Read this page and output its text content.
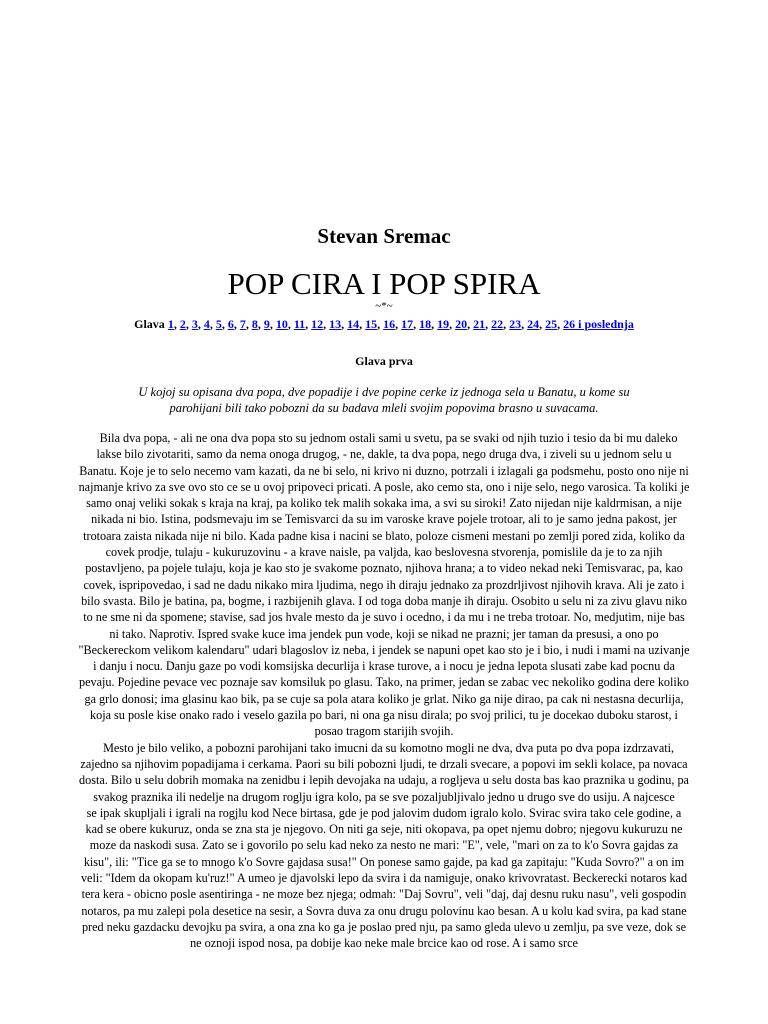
Stevan Sremac
POP CIRA I POP SPIRA
~*~
Glava 1, 2, 3, 4, 5, 6, 7, 8, 9, 10, 11, 12, 13, 14, 15, 16, 17, 18, 19, 20, 21, 22, 23, 24, 25, 26 i poslednja
Glava prva
U kojoj su opisana dva popa, dve popadije i dve popine cerke iz jednoga sela u Banatu, u kome su parohijani bili tako pobozni da su badava mleli svojim popovima brasno u suvacama.

Bila dva popa, - ali ne ona dva popa sto su jednom ostali sami u svetu, pa se svaki od njih tuzio i tesio da bi mu daleko lakse bilo zivotariti, samo da nema onoga drugog, - ne, dakle, ta dva popa, nego druga dva, i ziveli su u jednom selu u Banatu. Koje je to selo necemo vam kazati, da ne bi selo, ni krivo ni duzno, potrzali i izlagali ga podsmehu, posto ono nije ni najmanje krivo za sve ovo sto ce se u ovoj pripoveci pricati. A posle, ako cemo sta, ono i nije selo, nego varosica. Ta koliki je samo onaj veliki sokak s kraja na kraj, pa koliko tek malih sokaka ima, a svi su siroki! Zato nijedan nije kaldrmisan, a nije nikada ni bio. Istina, podsmevaju im se Temisvarci da su im varoske krave pojele trotoar, ali to je samo jedna pakost, jer trotoara zaista nikada nije ni bilo. Kada padne kisa i nacini se blato, poloze cismeni mestani po zemlji pored zida, koliko da covek prodje, tulaju - kukuruzovinu - a krave naisle, pa valjda, kao beslovesna stvorenja, pomislile da je to za njih postavljeno, pa pojele tulaju, koja je kao sto je svakome poznato, njihova hrana; a to video nekad neki Temisvarac, pa, kao covek, ispripovedao, i sad ne dadu nikako mira ljudima, nego ih diraju jednako za prozdrljivost njihovih krava. Ali je zato i bilo svasta. Bilo je batina, pa, bogme, i razbijenih glava. I od toga doba manje ih diraju. Osobito u selu ni za zivu glavu niko to ne sme ni da spomene; stavise, sad jos hvale mesto da je suvo i ocedno, i da mu i ne treba trotoar. No, medjutim, nije bas ni tako. Naprotiv. Ispred svake kuce ima jendek pun vode, koji se nikad ne prazni; jer taman da presusi, a ono po "Beckereckom velikom kalendaru" udari blagoslov iz neba, i jendek se napuni opet kao sto je i bio, i nudi i mami na uzivanje i danju i nocu. Danju gaze po vodi komsijska decurlija i krase turove, a i nocu je jedna lepota slusati zabe kad pocnu da pevaju. Pojedine pevace vec poznaje sav komsiluk po glasu. Tako, na primer, jedan se zabac vec nekoliko godina dere koliko ga grlo donosi; ima glasinu kao bik, pa se cuje sa pola atara koliko je grlat. Niko ga nije dirao, pa cak ni nestasna decurlija, koja su posle kise onako rado i veselo gazila po bari, ni ona ga nisu dirala; po svoj prilici, tu je docekao duboku starost, i posao tragom starijih svojih.

Mesto je bilo veliko, a pobozni parohijani tako imucni da su komotno mogli ne dva, dva puta po dva popa izdrzavati, zajedno sa njihovim popadijama i cerkama. Paori su bili pobozni ljudi, te drzali svecare, a popovi im sekli kolace, pa novaca dosta. Bilo u selu dobrih momaka na zenidbu i lepih devojaka na udaju, a rogljeva u selu dosta bas kao praznika u godinu, pa svakog praznika ili nedelje na drugom roglju igra kolo, pa se sve pozaljubljivalo jedno u drugo sve do usiju. A najcesce

se ipak skupljali i igrali na rogjlu kod Nece birtasa, gde je pod jalovim dudom igralo kolo. Svirac svira tako cele godine, a kad se obere kukuruz, onda se zna sta je njegovo. On niti ga seje, niti okopava, pa opet njemu dobro; njegovu kukuruzu ne moze da naskodi susa. Zato se i govorilo po selu kad neko za nesto ne mari: "E", vele, "mari on za to k'o Sovra gajdas za kisu", ili: "Tice ga se to mnogo k'o Sovre gajdasa susa!" On ponese samo gajde, pa kad ga zapitaju: "Kuda Sovro?" a on im veli: "Idem da okopam ku'ruz!" A umeo je djavolski lepo da svira i da namiguje, onako krivovratast. Beckerecki notaros kad tera kera - obicno posle asentiringa - ne moze bez njega; odmah: "Daj Sovru", veli "daj, daj desnu ruku nasu", veli gospodin notaros, pa mu zalepi pola desetice na sesir, a Sovra duva za onu drugu polovinu kao besan. A u kolu kad svira, pa kad stane pred neku gazdacku devojku pa svira, a ona zna ko ga je poslao pred nju, pa samo gleda ulevo u zemlju, pa sve veze, dok se ne oznoji ispod nosa, pa dobije kao neke male brcice kao od rose. A i samo srce
